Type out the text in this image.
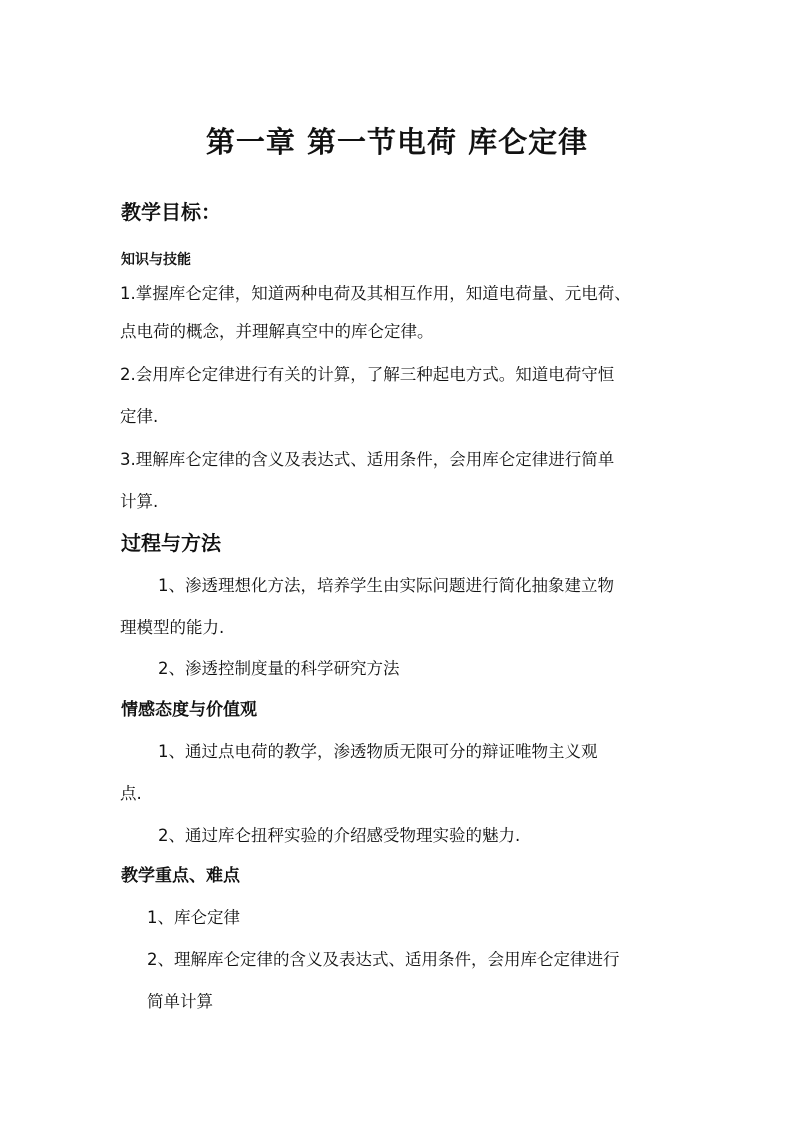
第一章 第一节电荷 库仑定律
教学目标：
知识与技能
1.掌握库仑定律，知道两种电荷及其相互作用，知道电荷量、元电荷、
点电荷的概念，并理解真空中的库仑定律。
2.会用库仑定律进行有关的计算，了解三种起电方式。知道电荷守恒
定律.
3.理解库仑定律的含义及表达式、适用条件，会用库仑定律进行简单
计算.
过程与方法
1、渗透理想化方法，培养学生由实际问题进行简化抽象建立物
理模型的能力.
2、渗透控制度量的科学研究方法
情感态度与价值观
1、通过点电荷的教学，渗透物质无限可分的辩证唯物主义观
点.
2、通过库仑扭秤实验的介绍感受物理实验的魅力.
教学重点、难点
1、库仑定律
2、理解库仑定律的含义及表达式、适用条件，会用库仑定律进行
简单计算
